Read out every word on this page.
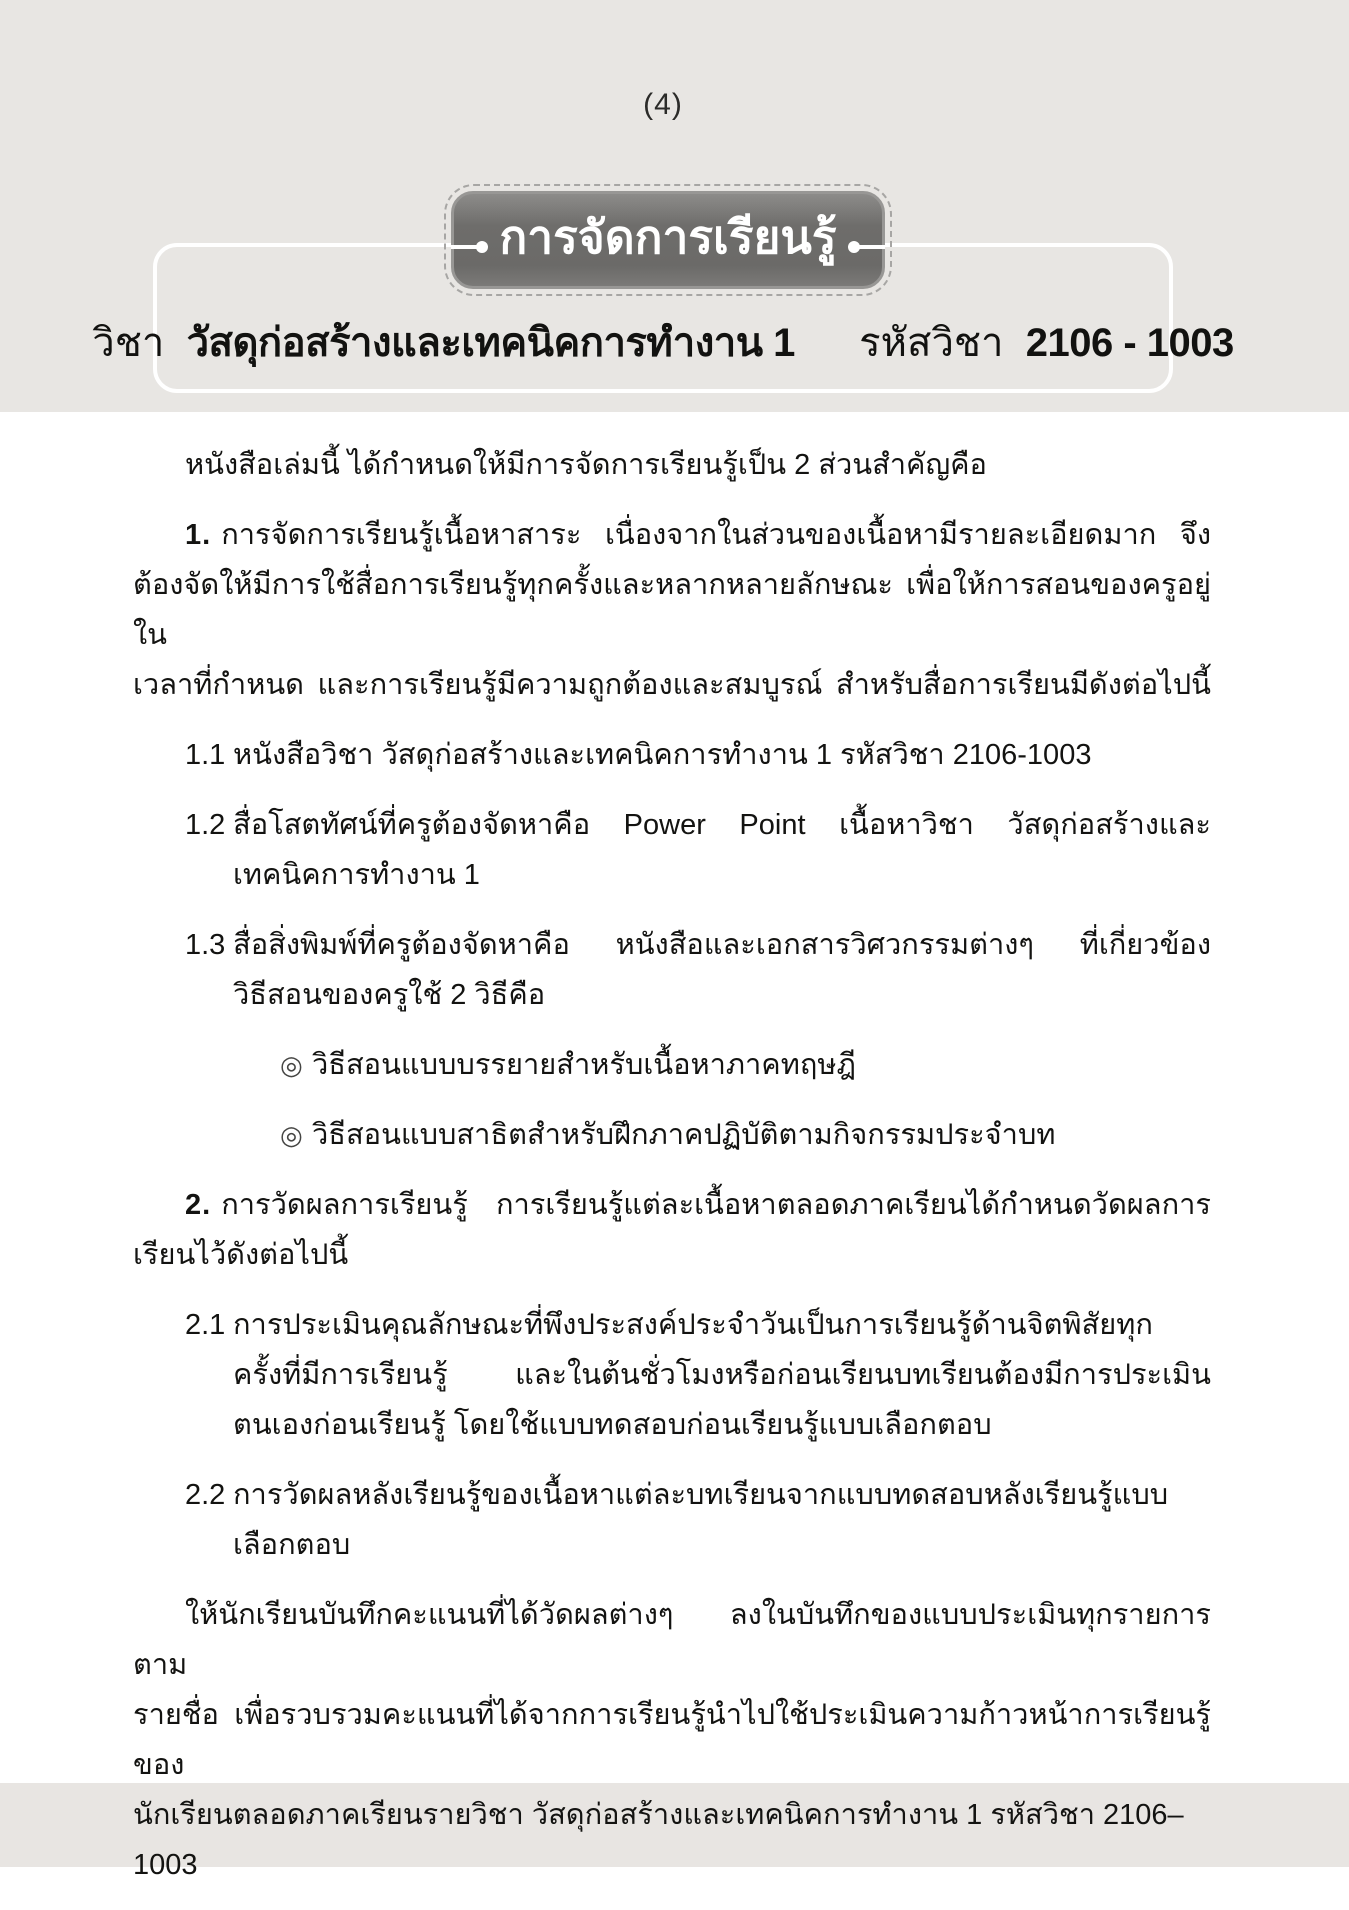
(4)
วิชา วัสดุก่อสร้างและเทคนิคการทำงาน 1 รหัสวิชา 2106 - 1003
การจัดการเรียนรู้
หนังสือเล่มนี้ ได้กำหนดให้มีการจัดการเรียนรู้เป็น 2 ส่วนสำคัญคือ
1. การจัดการเรียนรู้เนื้อหาสาระ เนื่องจากในส่วนของเนื้อหามีรายละเอียดมาก จึง
ต้องจัดให้มีการใช้สื่อการเรียนรู้ทุกครั้งและหลากหลายลักษณะ เพื่อให้การสอนของครูอยู่ใน
เวลาที่กำหนด และการเรียนรู้มีความถูกต้องและสมบูรณ์ สำหรับสื่อการเรียนมีดังต่อไปนี้
1.1 หนังสือวิชา วัสดุก่อสร้างและเทคนิคการทำงาน 1 รหัสวิชา 2106-1003
1.2 สื่อโสตทัศน์ที่ครูต้องจัดหาคือ Power Point เนื้อหาวิชา วัสดุก่อสร้างและ
เทคนิคการทำงาน 1
1.3 สื่อสิ่งพิมพ์ที่ครูต้องจัดหาคือ หนังสือและเอกสารวิศวกรรมต่างๆ ที่เกี่ยวข้อง
วิธีสอนของครูใช้ 2 วิธีคือ
◎ วิธีสอนแบบบรรยายสำหรับเนื้อหาภาคทฤษฎี
◎ วิธีสอนแบบสาธิตสำหรับฝึกภาคปฏิบัติตามกิจกรรมประจำบท
2. การวัดผลการเรียนรู้ การเรียนรู้แต่ละเนื้อหาตลอดภาคเรียนได้กำหนดวัดผลการ
เรียนไว้ดังต่อไปนี้
2.1 การประเมินคุณลักษณะที่พึงประสงค์ประจำวันเป็นการเรียนรู้ด้านจิตพิสัยทุก
ครั้งที่มีการเรียนรู้ และในต้นชั่วโมงหรือก่อนเรียนบทเรียนต้องมีการประเมิน
ตนเองก่อนเรียนรู้ โดยใช้แบบทดสอบก่อนเรียนรู้แบบเลือกตอบ
2.2 การวัดผลหลังเรียนรู้ของเนื้อหาแต่ละบทเรียนจากแบบทดสอบหลังเรียนรู้แบบ
เลือกตอบ
ให้นักเรียนบันทึกคะแนนที่ได้วัดผลต่างๆ ลงในบันทึกของแบบประเมินทุกรายการตาม
รายชื่อ เพื่อรวบรวมคะแนนที่ได้จากการเรียนรู้นำไปใช้ประเมินความก้าวหน้าการเรียนรู้ของ
นักเรียนตลอดภาคเรียนรายวิชา วัสดุก่อสร้างและเทคนิคการทำงาน 1 รหัสวิชา 2106–1003
